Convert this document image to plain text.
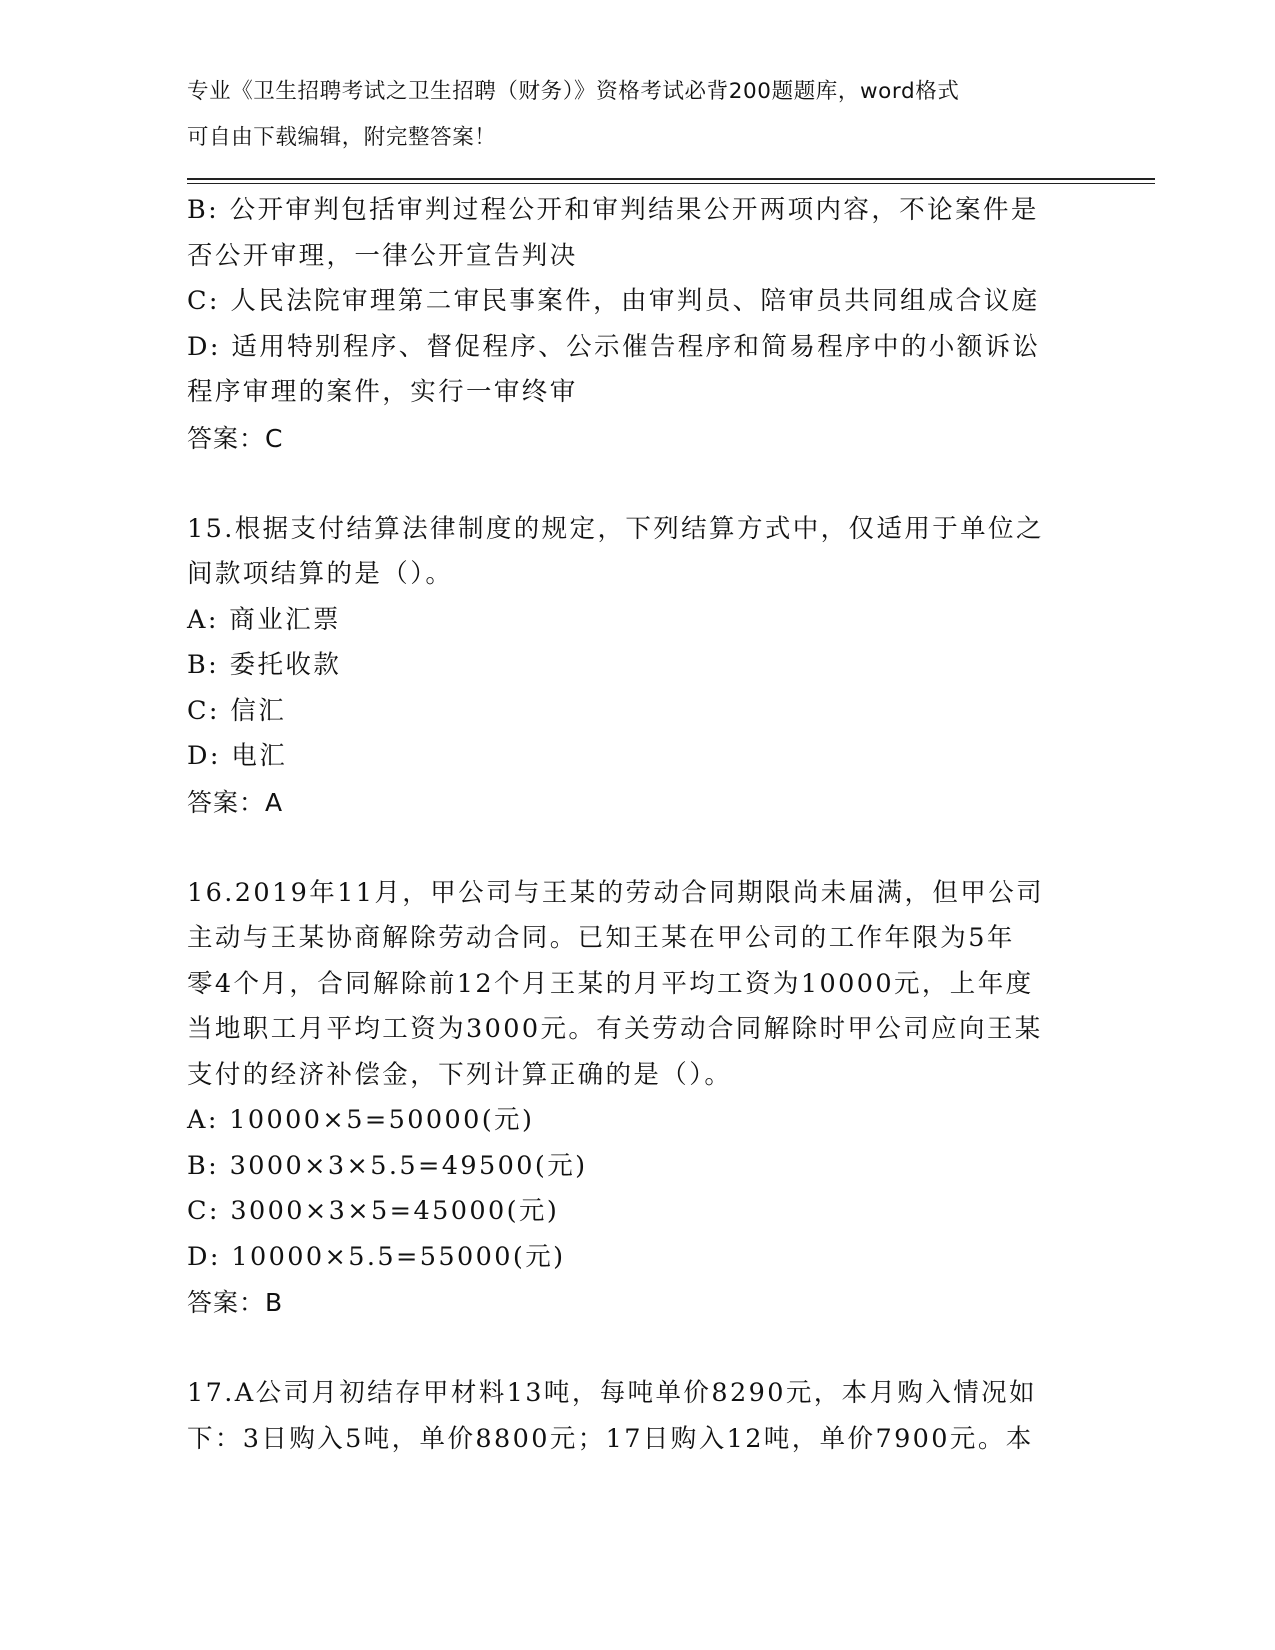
专业《卫生招聘考试之卫生招聘（财务）》资格考试必背200题题库，word格式
可自由下载编辑，附完整答案！
B: 公开审判包括审判过程公开和审判结果公开两项内容，不论案件是
否公开审理，一律公开宣告判决
C: 人民法院审理第二审民事案件，由审判员、陪审员共同组成合议庭
D: 适用特别程序、督促程序、公示催告程序和简易程序中的小额诉讼
程序审理的案件，实行一审终审
答案：C
15.根据支付结算法律制度的规定，下列结算方式中，仅适用于单位之
间款项结算的是（）。
A: 商业汇票
B: 委托收款
C: 信汇
D: 电汇
答案：A
16.2019年11月，甲公司与王某的劳动合同期限尚未届满，但甲公司
主动与王某协商解除劳动合同。已知王某在甲公司的工作年限为5年
零4个月，合同解除前12个月王某的月平均工资为10000元，上年度
当地职工月平均工资为3000元。有关劳动合同解除时甲公司应向王某
支付的经济补偿金，下列计算正确的是（）。
A: 10000×5=50000(元)
B: 3000×3×5.5=49500(元)
C: 3000×3×5=45000(元)
D: 10000×5.5=55000(元)
答案：B
17.A公司月初结存甲材料13吨，每吨单价8290元，本月购入情况如
下：3日购入5吨，单价8800元；17日购入12吨，单价7900元。本
